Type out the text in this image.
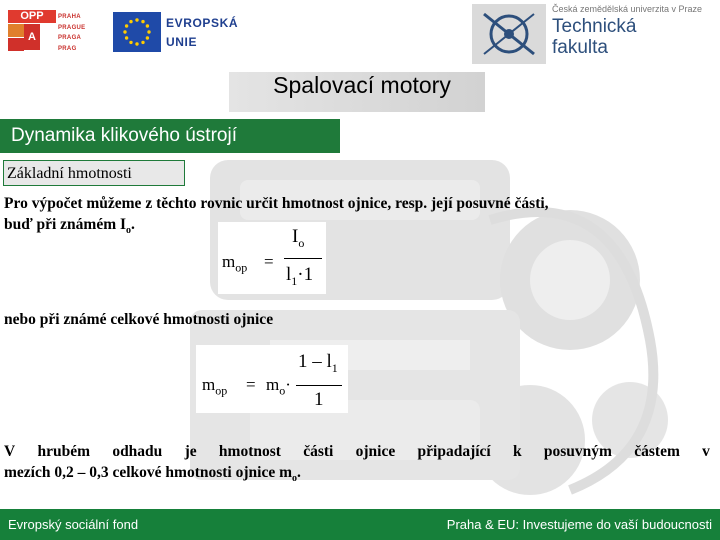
OPP
A
PRAHA
PRAGUE
PRAGA
PRAG
EVROPSKÁ
UNIE
Česká zemědělská univerzita v Praze
Technická
fakulta
Spalovací motory
Dynamika klikového ústrojí
Základní hmotnosti
Pro výpočet můžeme z těchto rovnic určit hmotnost ojnice, resp. její posuvné části,
buď při známém $I_o$.
$m_{op}$ =
$I_o$
$l_1\cdot 1$
nebo při známé celkové hmotnosti ojnice
$m_{op} = m_o\cdot$
$1 - l_1$
1
V hrubém odhadu je hmotnost části ojnice připadající k posuvným částem v
mezích 0,2 – 0,3 celkové hmotnosti ojnice $m_o$.
Evropský sociální fond	Praha & EU: Investujeme do vaší budoucnosti
